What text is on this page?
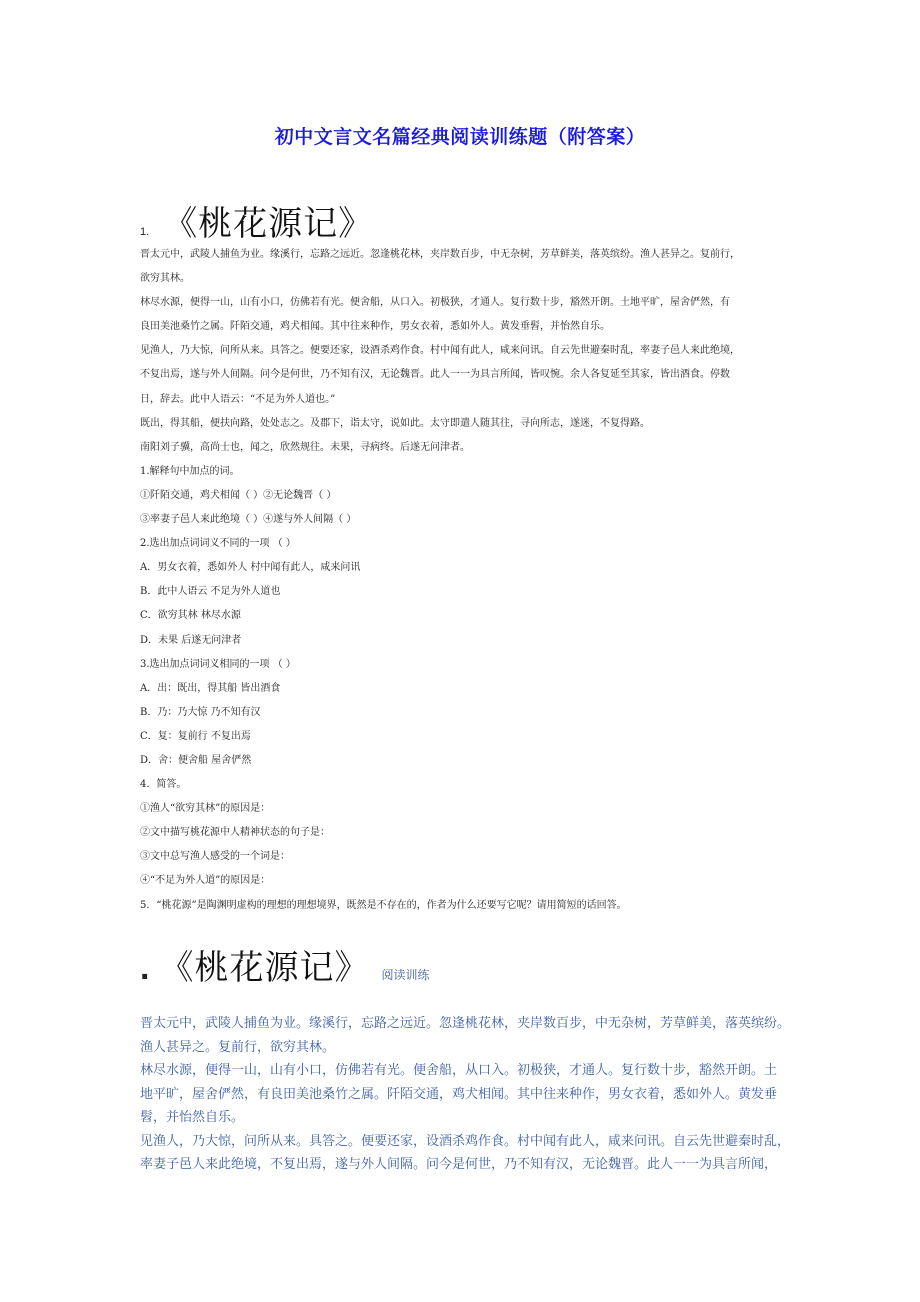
初中文言文名篇经典阅读训练题（附答案）
1. 《桃花源记》
晋太元中，武陵人捕鱼为业。缘溪行，忘路之远近。忽逢桃花林，夹岸数百步，中无杂树，芳草鲜美，落英缤纷。渔人甚异之。复前行，
欲穷其林。
林尽水源，便得一山，山有小口，仿佛若有光。便舍船，从口入。初极狭，才通人。复行数十步，豁然开朗。土地平旷，屋舍俨然，有
良田美池桑竹之属。阡陌交通，鸡犬相闻。其中往来种作，男女衣着，悉如外人。黄发垂髫，并怡然自乐。
见渔人，乃大惊，问所从来。具答之。便要还家，设酒杀鸡作食。村中闻有此人，咸来问讯。自云先世避秦时乱，率妻子邑人来此绝境，
不复出焉，遂与外人间隔。问今是何世，乃不知有汉，无论魏晋。此人一一为具言所闻，皆叹惋。余人各复延至其家，皆出酒食。停数
日，辞去。此中人语云：“不足为外人道也。”
既出，得其船，便扶向路，处处志之。及郡下，诣太守，说如此。太守即遣人随其往，寻向所志，遂迷，不复得路。
南阳刘子骥，高尚士也，闻之，欣然规往。未果，寻病终。后遂无问津者。
1.解释句中加点的词。
①阡陌交通，鸡犬相闻（ ）②无论魏晋（ ）
③率妻子邑人来此绝境（ ）④遂与外人间隔（ ）
2.选出加点词词义不同的一项 （ ）
A．男女衣着，悉如外人 村中闻有此人，咸来问讯
B．此中人语云 不足为外人道也
C．欲穷其林 林尽水源
D．未果 后遂无问津者
3.选出加点词词义相同的一项 （ ）
A．出：既出，得其船 皆出酒食
B．乃：乃大惊 乃不知有汉
C．复：复前行 不复出焉
D．舍：便舍船 屋舍俨然
4．简答。
①渔人“欲穷其林”的原因是：
②文中描写桃花源中人精神状态的句子是：
③文中总写渔人感受的一个词是：
④“不足为外人道”的原因是：
5．“桃花源”是陶渊明虚构的理想的理想境界，既然是不存在的，作者为什么还要写它呢？请用简短的话回答。
. 《桃花源记》 阅读训练
晋太元中，武陵人捕鱼为业。缘溪行，忘路之远近。忽逢桃花林，夹岸数百步，中无杂树，芳草鲜美，落英缤纷。
渔人甚异之。复前行，欲穷其林。
林尽水源，便得一山，山有小口，仿佛若有光。便舍船，从口入。初极狭，才通人。复行数十步，豁然开朗。土
地平旷，屋舍俨然，有良田美池桑竹之属。阡陌交通，鸡犬相闻。其中往来种作，男女衣着，悉如外人。黄发垂
髫，并怡然自乐。
见渔人，乃大惊，问所从来。具答之。便要还家，设酒杀鸡作食。村中闻有此人，咸来问讯。自云先世避秦时乱，
率妻子邑人来此绝境，不复出焉，遂与外人间隔。问今是何世，乃不知有汉，无论魏晋。此人一一为具言所闻，
